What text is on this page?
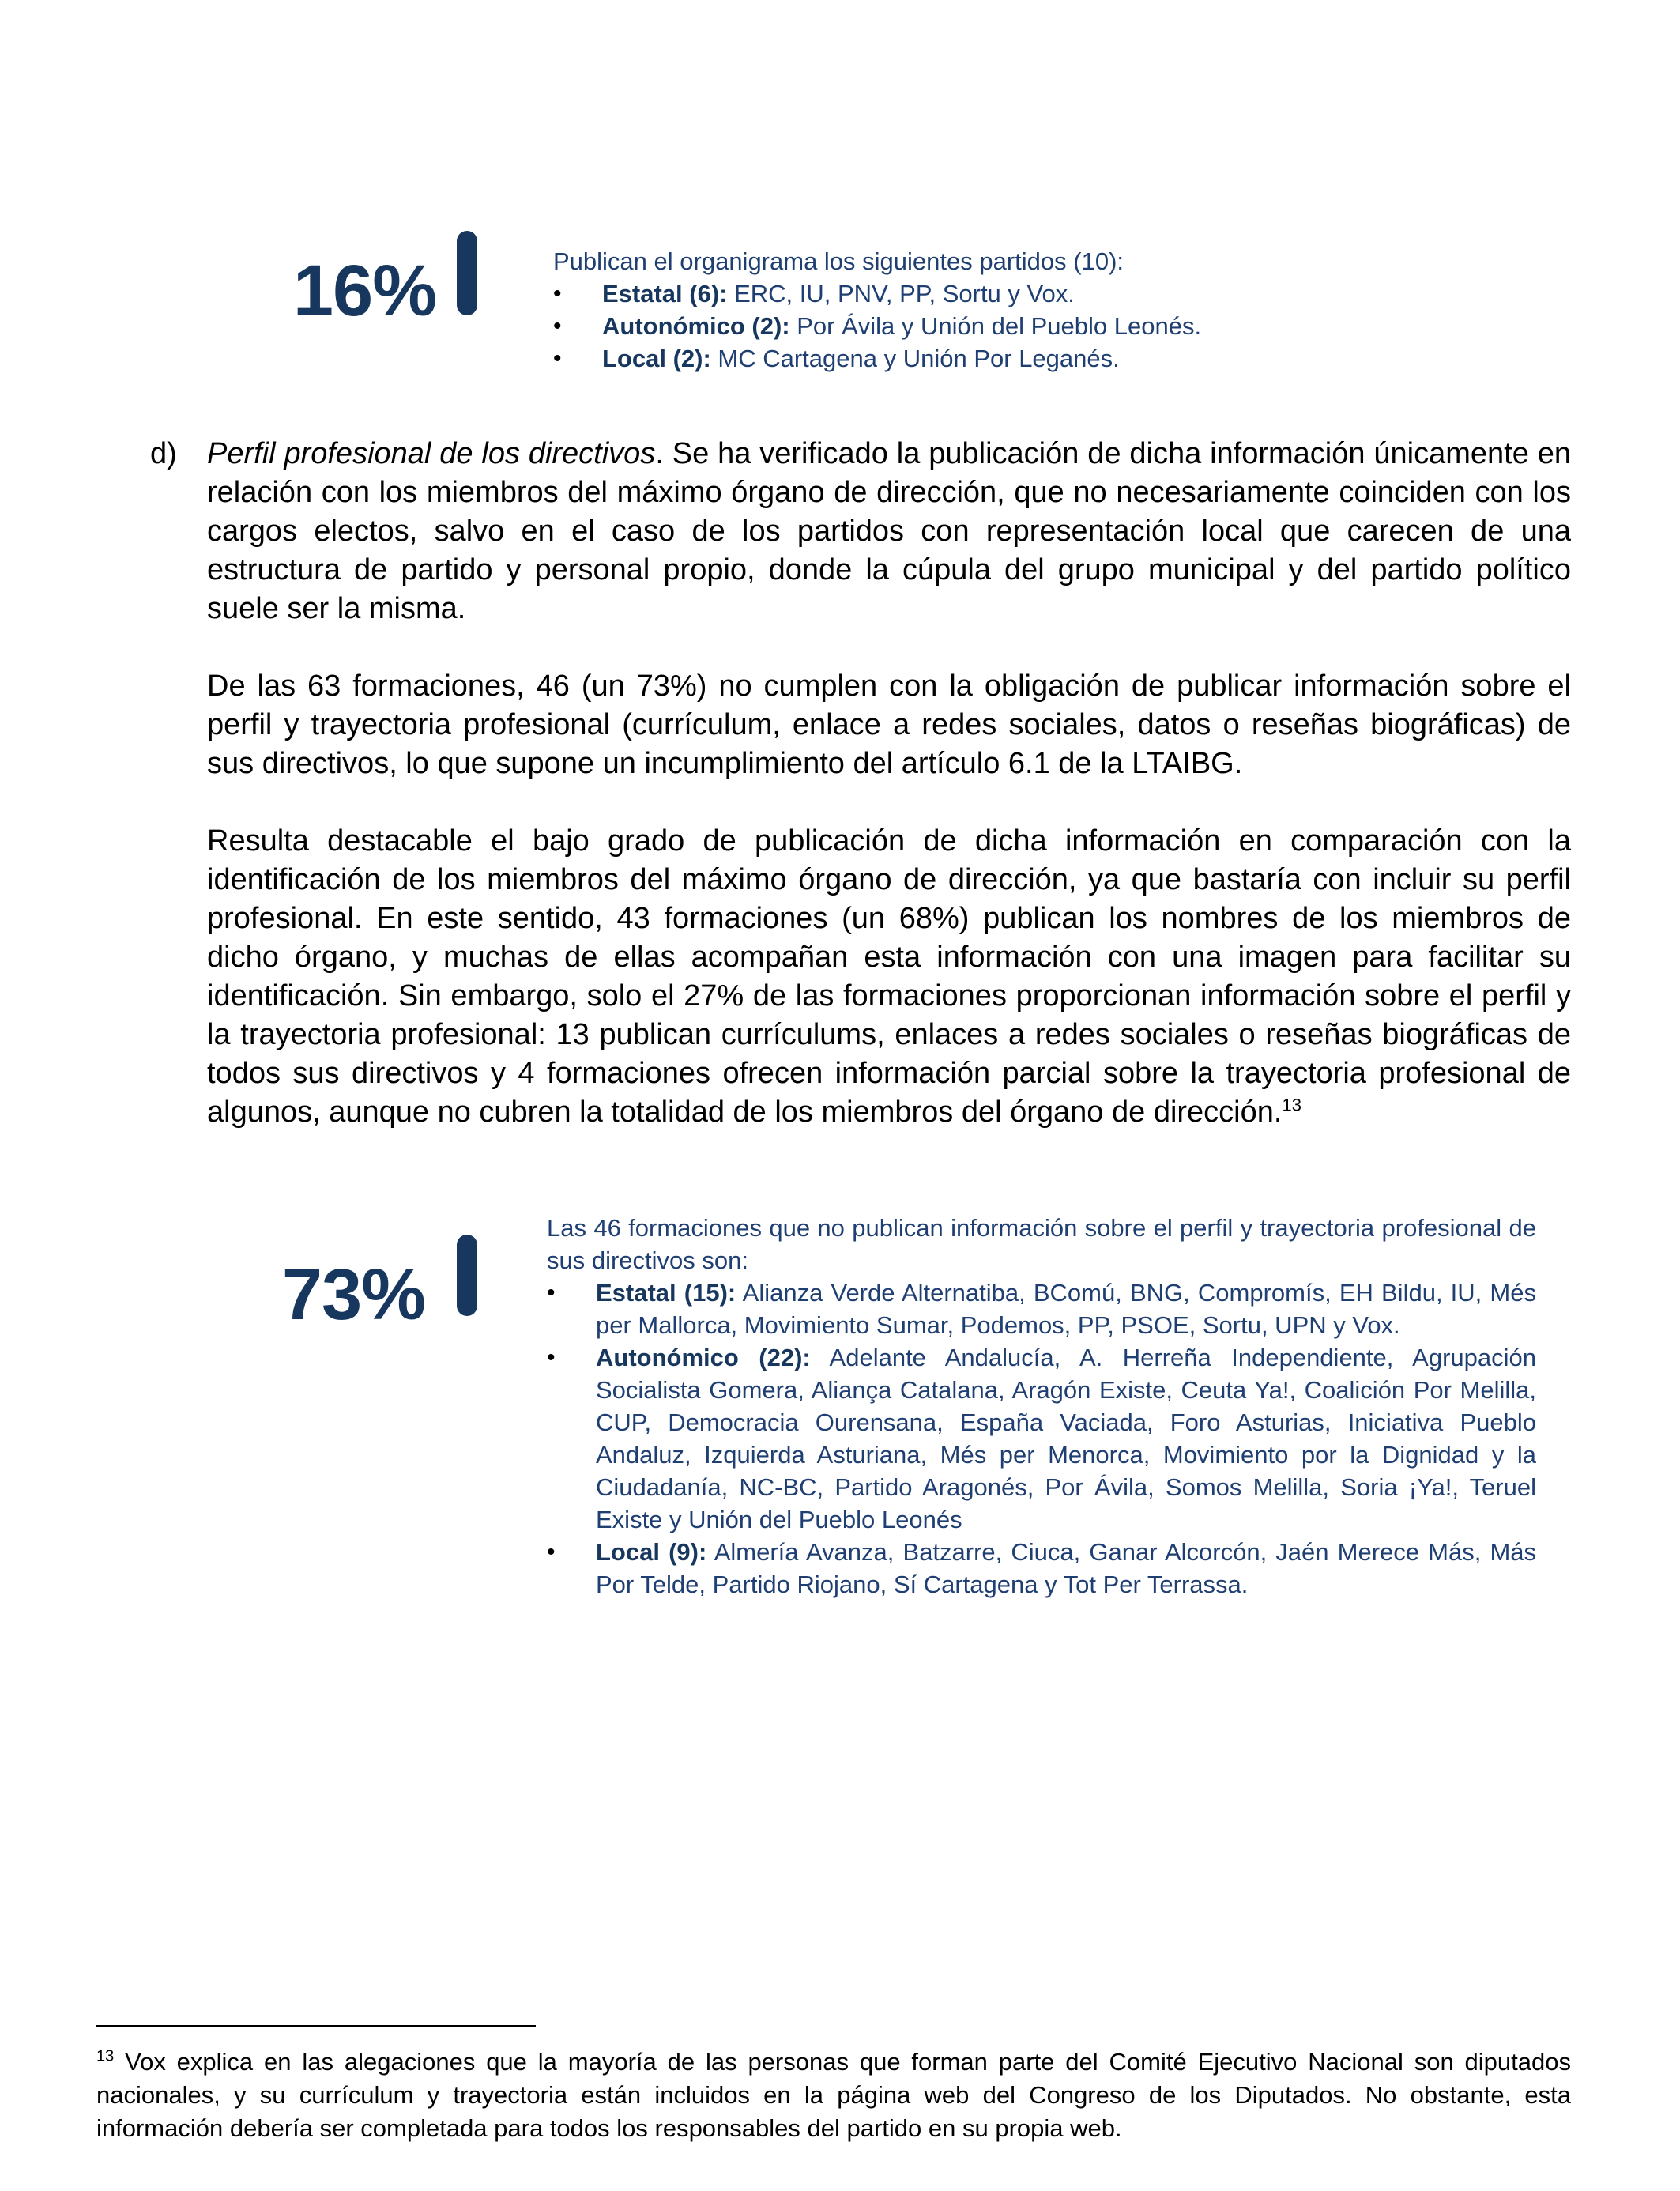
16%	Publican el organigrama los siguientes partidos (10):
• Estatal (6): ERC, IU, PNV, PP, Sortu y Vox.
• Autonómico (2): Por Ávila y Unión del Pueblo Leonés.
• Local (2): MC Cartagena y Unión Por Leganés.
d) Perfil profesional de los directivos. Se ha verificado la publicación de dicha información únicamente en relación con los miembros del máximo órgano de dirección, que no necesariamente coinciden con los cargos electos, salvo en el caso de los partidos con representación local que carecen de una estructura de partido y personal propio, donde la cúpula del grupo municipal y del partido político suele ser la misma.

De las 63 formaciones, 46 (un 73%) no cumplen con la obligación de publicar información sobre el perfil y trayectoria profesional (currículum, enlace a redes sociales, datos o reseñas biográficas) de sus directivos, lo que supone un incumplimiento del artículo 6.1 de la LTAIBG.

Resulta destacable el bajo grado de publicación de dicha información en comparación con la identificación de los miembros del máximo órgano de dirección, ya que bastaría con incluir su perfil profesional. En este sentido, 43 formaciones (un 68%) publican los nombres de los miembros de dicho órgano, y muchas de ellas acompañan esta información con una imagen para facilitar su identificación. Sin embargo, solo el 27% de las formaciones proporcionan información sobre el perfil y la trayectoria profesional: 13 publican currículums, enlaces a redes sociales o reseñas biográficas de todos sus directivos y 4 formaciones ofrecen información parcial sobre la trayectoria profesional de algunos, aunque no cubren la totalidad de los miembros del órgano de dirección.$^{13}$

73%
Las 46 formaciones que no publican información sobre el perfil y trayectoria profesional de sus directivos son:
• Estatal (15): Alianza Verde Alternatiba, BComú, BNG, Compromís, EH Bildu, IU, Més per Mallorca, Movimiento Sumar, Podemos, PP, PSOE, Sortu, UPN y Vox.
• Autonómico (22): Adelante Andalucía, A. Herreña Independiente, Agrupación Socialista Gomera, Aliança Catalana, Aragón Existe, Ceuta Ya!, Coalición Por Melilla, CUP, Democracia Ourensana, España Vaciada, Foro Asturias, Iniciativa Pueblo Andaluz, Izquierda Asturiana, Més per Menorca, Movimiento por la Dignidad y la Ciudadanía, NC-BC, Partido Aragonés, Por Ávila, Somos Melilla, Soria ¡Ya!, Teruel Existe y Unión del Pueblo Leonés
• Local (9): Almería Avanza, Batzarre, Ciuca, Ganar Alcorcón, Jaén Merece Más, Más Por Telde, Partido Riojano, Sí Cartagena y Tot Per Terrassa.
$^{13}$ Vox explica en las alegaciones que la mayoría de las personas que forman parte del Comité Ejecutivo Nacional son diputados nacionales, y su currículum y trayectoria están incluidos en la página web del Congreso de los Diputados. No obstante, esta información debería ser completada para todos los responsables del partido en su propia web.
